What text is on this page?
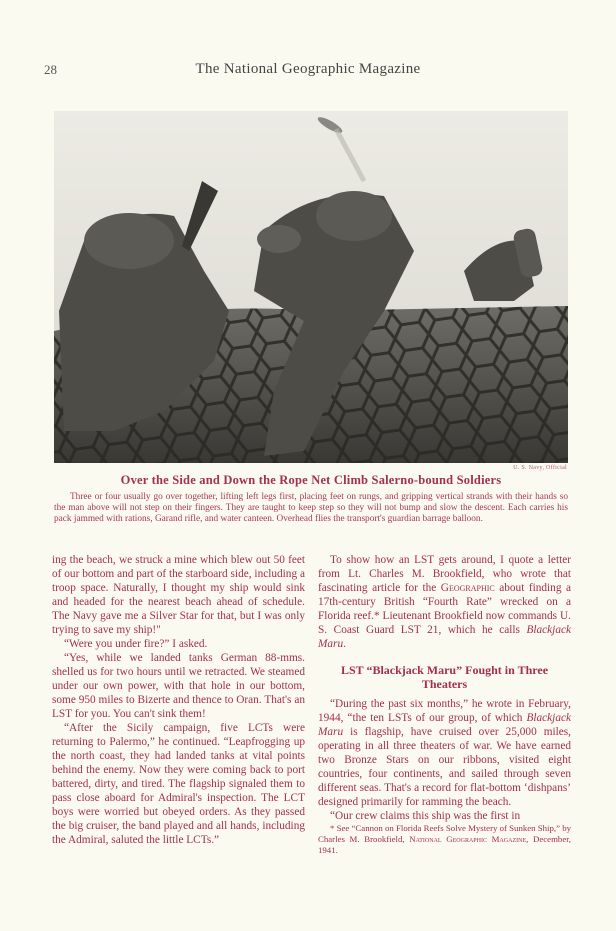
28	The National Geographic Magazine
U. S. Navy, Official
Over the Side and Down the Rope Net Climb Salerno-bound Soldiers

Three or four usually go over together, lifting left legs first, placing feet on rungs, and gripping vertical strands with their hands so the man above will not step on their fingers. They are taught to keep step so they will not bump and slow the descent. Each carries his pack jammed with rations, Garand rifle, and water canteen. Overhead flies the transport's guardian barrage balloon.

ing the beach, we struck a mine which blew out 50 feet of our bottom and part of the starboard side, including a troop space. Naturally, I thought my ship would sink and headed for the nearest beach ahead of schedule. The Navy gave me a Silver Star for that, but I was only trying to save my ship!"

“Were you under fire?” I asked.

“Yes, while we landed tanks German 88-mms. shelled us for two hours until we retracted. We steamed under our own power, with that hole in our bottom, some 950 miles to Bizerte and thence to Oran. That's an LST for you. You can't sink them!

“After the Sicily campaign, five LCTs were returning to Palermo,” he continued. “Leapfrogging up the north coast, they had landed tanks at vital points behind the enemy. Now they were coming back to port battered, dirty, and tired. The flagship signaled them to pass close aboard for Admiral's inspection. The LCT boys were worried but obeyed orders. As they passed the big cruiser, the band played and all hands, including the Admiral, saluted the little LCTs.”

To show how an LST gets around, I quote a letter from Lt. Charles M. Brookfield, who wrote that fascinating article for the Geographic about finding a 17th-century British “Fourth Rate” wrecked on a Florida reef.* Lieutenant Brookfield now commands U. S. Coast Guard LST 21, which he calls Blackjack Maru.

LST “Blackjack Maru” Fought in Three Theaters

“During the past six months,” he wrote in February, 1944, “the ten LSTs of our group, of which Blackjack Maru is flagship, have cruised over 25,000 miles, operating in all three theaters of war. We have earned two Bronze Stars on our ribbons, visited eight countries, four continents, and sailed through seven different seas. That's a record for flat-bottom ‘dishpans’ designed primarily for ramming the beach.

“Our crew claims this ship was the first in

* See “Cannon on Florida Reefs Solve Mystery of Sunken Ship,” by Charles M. Brookfield, National Geographic Magazine, December, 1941.
